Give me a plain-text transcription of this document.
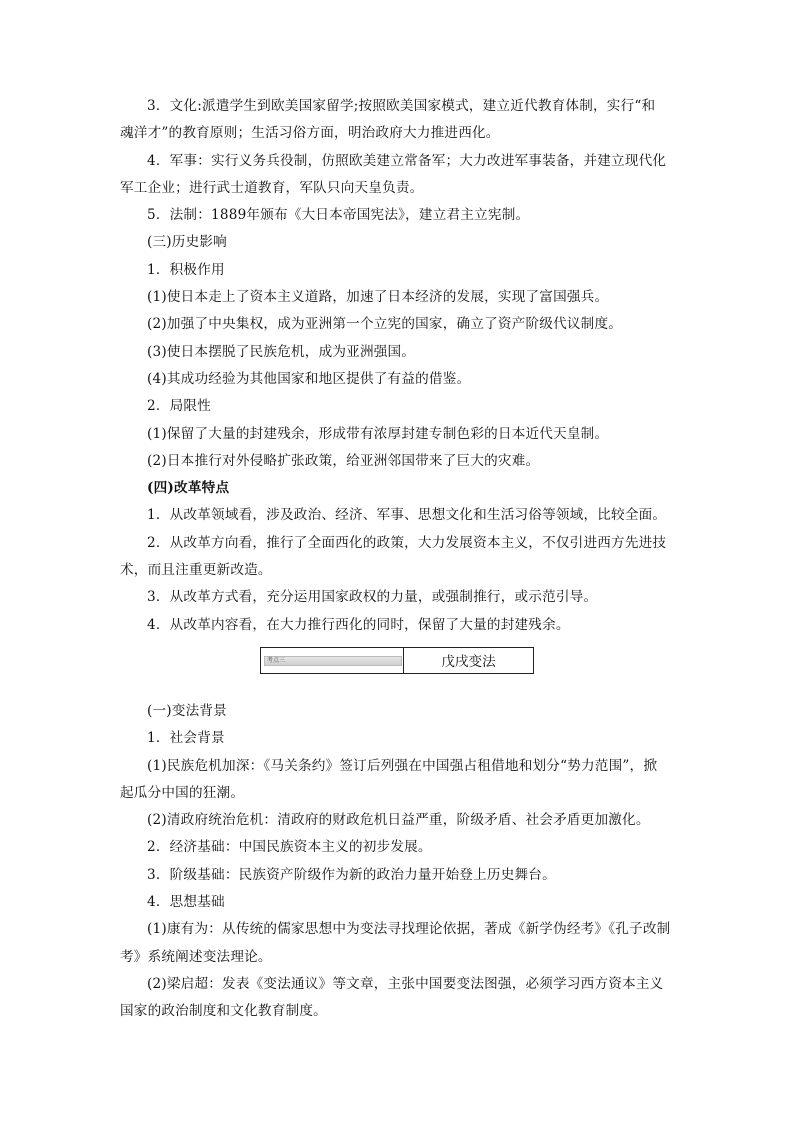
3．文化:派遣学生到欧美国家留学;按照欧美国家模式，建立近代教育体制，实行“和

魂洋才”的教育原则；生活习俗方面，明治政府大力推进西化。

4．军事：实行义务兵役制，仿照欧美建立常备军；大力改进军事装备，并建立现代化

军工企业；进行武士道教育，军队只向天皇负责。

5．法制：1889年颁布《大日本帝国宪法》，建立君主立宪制。

(三)历史影响

1．积极作用

(1)使日本走上了资本主义道路，加速了日本经济的发展，实现了富国强兵。

(2)加强了中央集权，成为亚洲第一个立宪的国家，确立了资产阶级代议制度。

(3)使日本摆脱了民族危机，成为亚洲强国。

(4)其成功经验为其他国家和地区提供了有益的借鉴。

2．局限性

(1)保留了大量的封建残余，形成带有浓厚封建专制色彩的日本近代天皇制。

(2)日本推行对外侵略扩张政策，给亚洲邻国带来了巨大的灾难。

(四)改革特点

1．从改革领域看，涉及政治、经济、军事、思想文化和生活习俗等领域，比较全面。

2．从改革方向看，推行了全面西化的政策，大力发展资本主义，不仅引进西方先进技

术，而且注重更新改造。

3．从改革方式看，充分运用国家政权的力量，或强制推行，或示范引导。

4．从改革内容看，在大力推行西化的同时，保留了大量的封建残余。

考点三	戊戌变法

(一)变法背景

1．社会背景

(1)民族危机加深：《马关条约》签订后列强在中国强占租借地和划分“势力范围”，掀

起瓜分中国的狂潮。

(2)清政府统治危机：清政府的财政危机日益严重，阶级矛盾、社会矛盾更加激化。

2．经济基础：中国民族资本主义的初步发展。

3．阶级基础：民族资产阶级作为新的政治力量开始登上历史舞台。

4．思想基础

(1)康有为：从传统的儒家思想中为变法寻找理论依据，著成《新学伪经考》《孔子改制

考》系统阐述变法理论。

(2)梁启超：发表《变法通议》等文章，主张中国要变法图强，必须学习西方资本主义

国家的政治制度和文化教育制度。
